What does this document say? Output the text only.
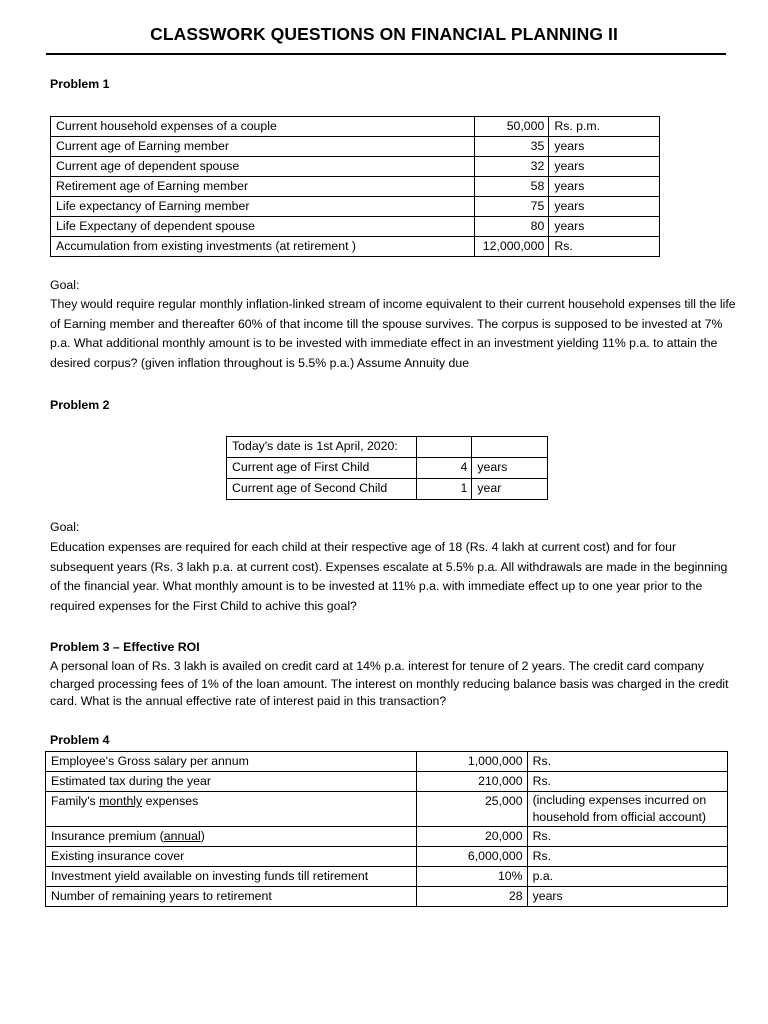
CLASSWORK QUESTIONS ON FINANCIAL PLANNING II
Problem 1
Current household expenses of a couple	50,000	Rs. p.m.
Current age of Earning member	35	years
Current age of dependent spouse	32	years
Retirement age of Earning member	58	years
Life expectancy of Earning member	75	years
Life Expectany of dependent spouse	80	years
Accumulation from existing investments (at retirement )	12,000,000	Rs.
Goal:
They would require regular monthly inflation-linked stream of income equivalent to their current household expenses till the life of Earning member and thereafter 60% of that income till the spouse survives. The corpus is supposed to be invested at 7% p.a. What additional monthly amount is to be invested with immediate effect in an investment yielding 11% p.a. to attain the desired corpus? (given inflation throughout is 5.5% p.a.) Assume Annuity due
Problem 2
Today's date is 1st April, 2020:		
Current age of First Child	4	years
Current age of Second Child	1	year
Goal:
Education expenses are required for each child at their respective age of 18 (Rs. 4 lakh at current cost) and for four subsequent years (Rs. 3 lakh p.a. at current cost). Expenses escalate at 5.5% p.a. All withdrawals are made in the beginning of the financial year. What monthly amount is to be invested at 11% p.a. with immediate effect up to one year prior to the required expenses for the First Child to achive this goal?
Problem 3 – Effective ROI
A personal loan of Rs. 3 lakh is availed on credit card at 14% p.a. interest for tenure of 2 years. The credit card company charged processing fees of 1% of the loan amount. The interest on monthly reducing balance basis was charged in the credit card. What is the annual effective rate of interest paid in this transaction?
Problem 4
Employee's Gross salary per annum	1,000,000	Rs.
Estimated tax during the year	210,000	Rs.
Family's monthly expenses	25,000	(including expenses incurred on household from official account)
Insurance premium (annual)	20,000	Rs.
Existing insurance cover	6,000,000	Rs.
Investment yield available on investing funds till retirement	10%	p.a.
Number of remaining years to retirement	28	years
